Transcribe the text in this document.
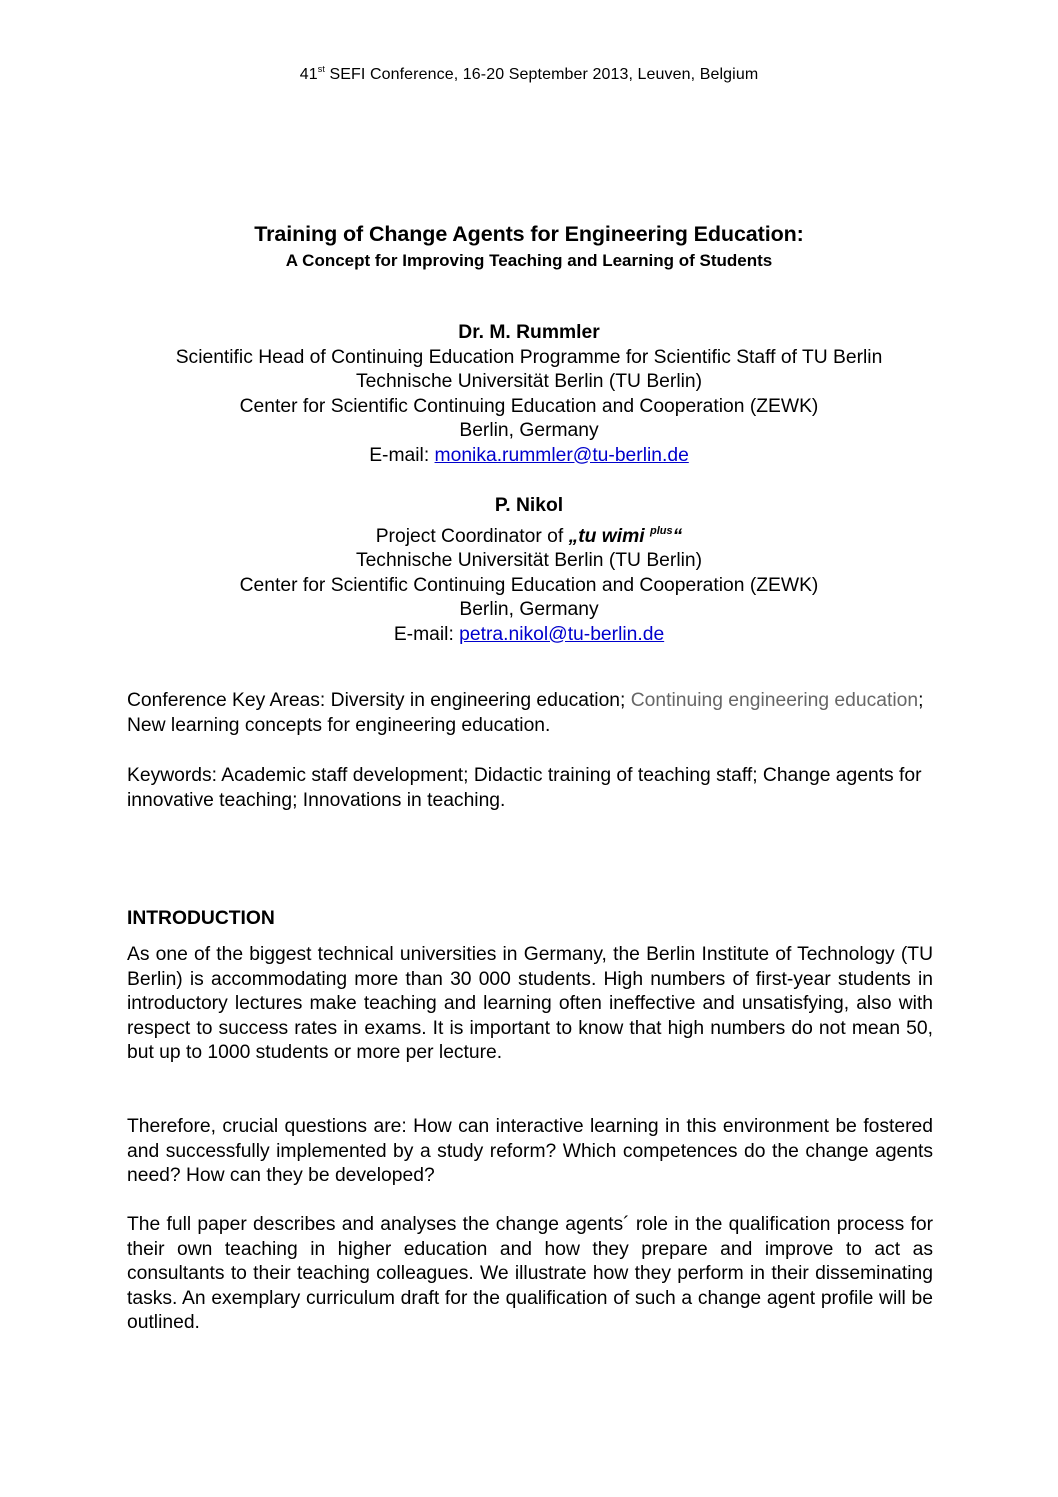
41st SEFI Conference, 16-20 September 2013, Leuven, Belgium
Training of Change Agents for Engineering Education:
A Concept for Improving Teaching and Learning of Students
Dr. M. Rummler
Scientific Head of Continuing Education Programme for Scientific Staff of TU Berlin
Technische Universität Berlin (TU Berlin)
Center for Scientific Continuing Education and Cooperation (ZEWK)
Berlin, Germany
E-mail: monika.rummler@tu-berlin.de
P. Nikol
Project Coordinator of „tu wimi $^{plus}$“
Technische Universität Berlin (TU Berlin)
Center for Scientific Continuing Education and Cooperation (ZEWK)
Berlin, Germany
E-mail: petra.nikol@tu-berlin.de
Conference Key Areas: Diversity in engineering education; Continuing engineering education; New learning concepts for engineering education.
Keywords: Academic staff development; Didactic training of teaching staff; Change agents for innovative teaching; Innovations in teaching.
INTRODUCTION
As one of the biggest technical universities in Germany, the Berlin Institute of Technology (TU Berlin) is accommodating more than 30 000 students. High numbers of first-year students in introductory lectures make teaching and learning often ineffective and unsatisfying, also with respect to success rates in exams. It is important to know that high numbers do not mean 50, but up to 1000 students or more per lecture.
Therefore, crucial questions are: How can interactive learning in this environment be fostered and successfully implemented by a study reform? Which competences do the change agents need? How can they be developed?
The full paper describes and analyses the change agents´ role in the qualification process for their own teaching in higher education and how they prepare and improve to act as consultants to their teaching colleagues. We illustrate how they perform in their disseminating tasks. An exemplary curriculum draft for the qualification of such a change agent profile will be outlined.
